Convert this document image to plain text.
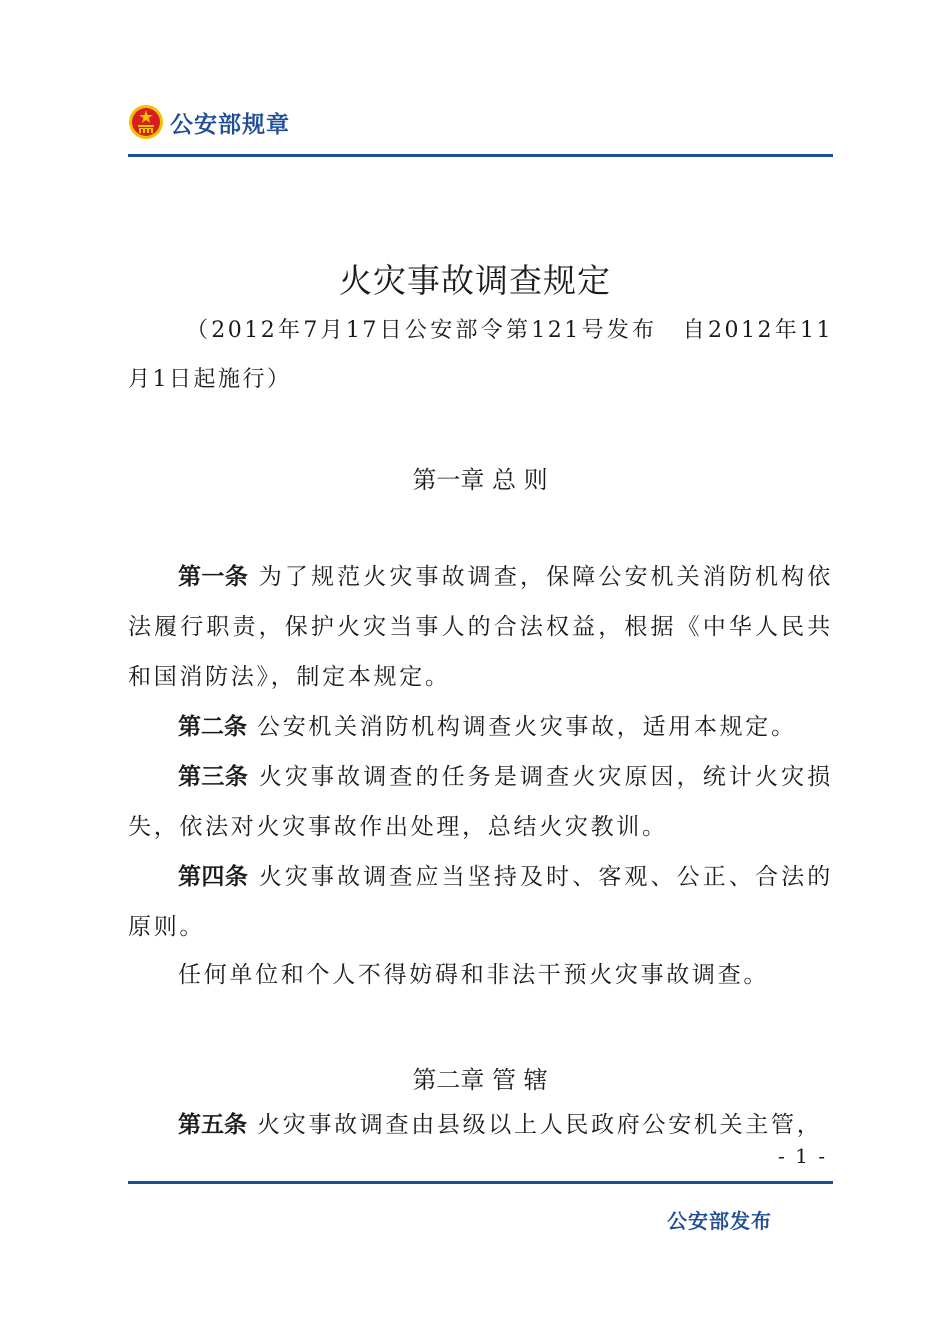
公安部规章
火灾事故调查规定
（2012年7月17日公安部令第121号发布　自2012年11月1日起施行）
第一章 总 则
第一条 为了规范火灾事故调查，保障公安机关消防机构依法履行职责，保护火灾当事人的合法权益，根据《中华人民共和国消防法》，制定本规定。
第二条 公安机关消防机构调查火灾事故，适用本规定。
第三条 火灾事故调查的任务是调查火灾原因，统计火灾损失，依法对火灾事故作出处理，总结火灾教训。
第四条 火灾事故调查应当坚持及时、客观、公正、合法的原则。
任何单位和个人不得妨碍和非法干预火灾事故调查。
第二章 管 辖
第五条 火灾事故调查由县级以上人民政府公安机关主管，
- 1 -
公安部发布
